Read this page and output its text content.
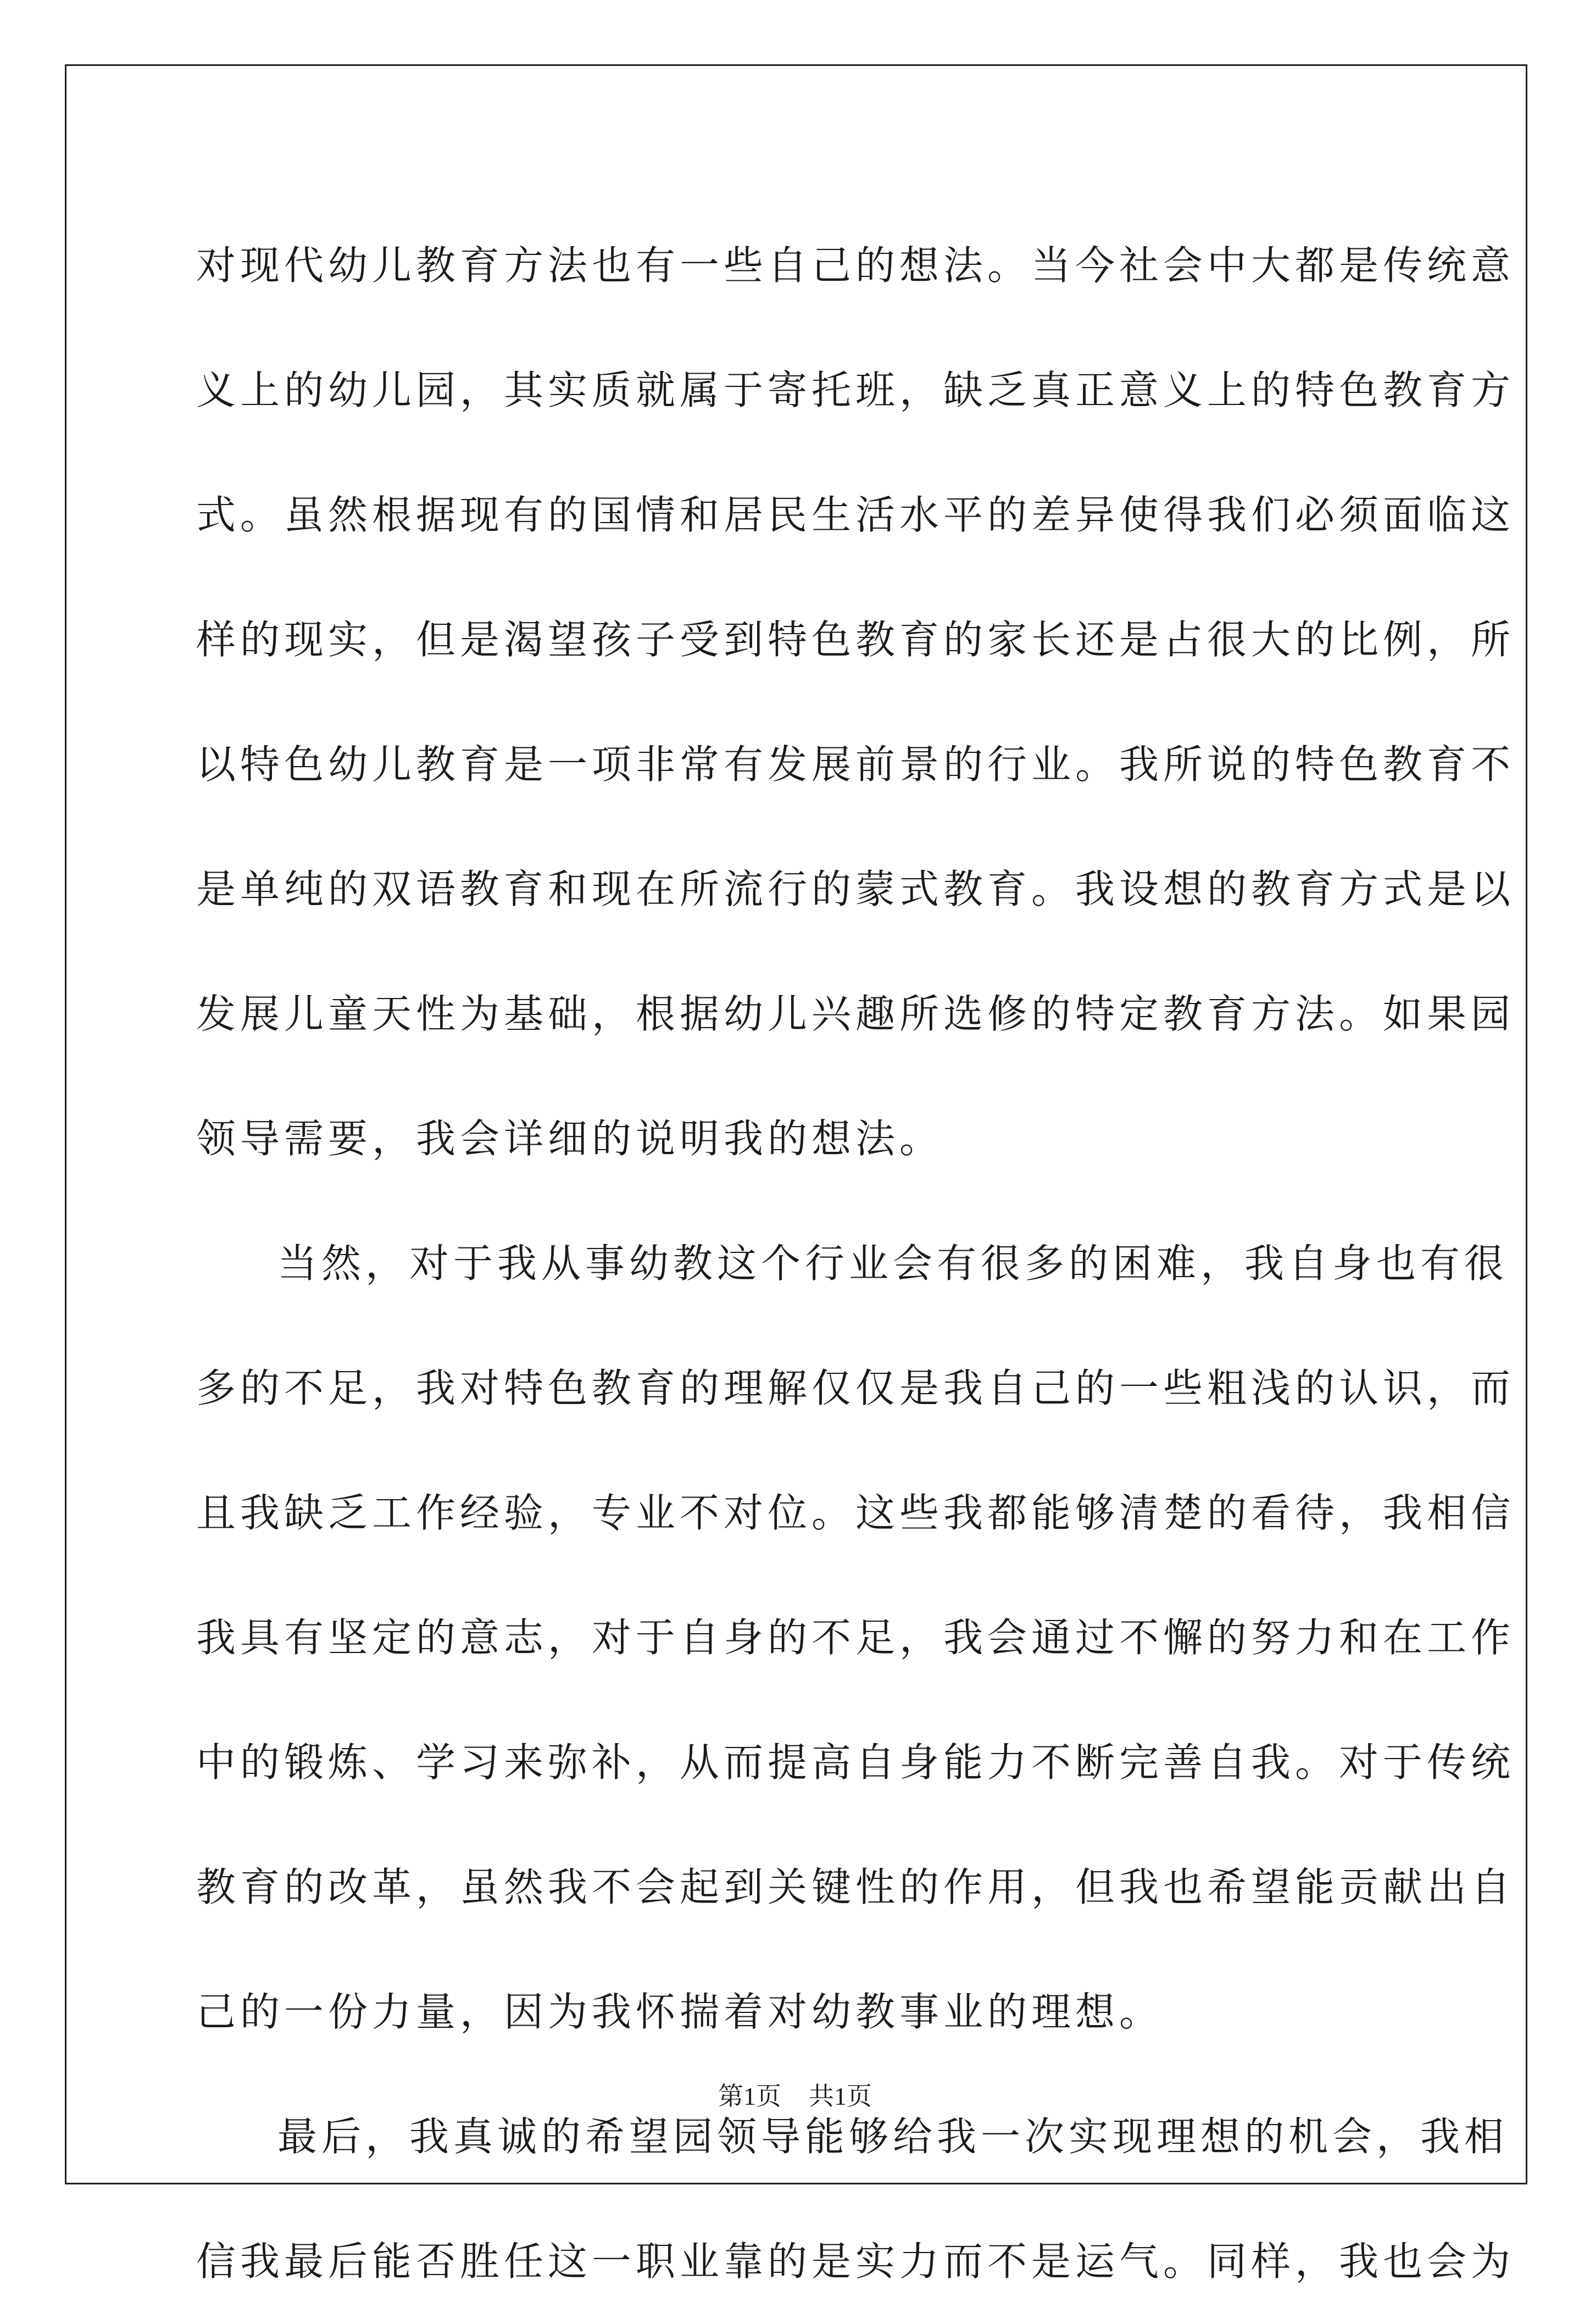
对现代幼儿教育方法也有一些自己的想法。当今社会中大都是传统意
义上的幼儿园，其实质就属于寄托班，缺乏真正意义上的特色教育方
式。虽然根据现有的国情和居民生活水平的差异使得我们必须面临这
样的现实，但是渴望孩子受到特色教育的家长还是占很大的比例，所
以特色幼儿教育是一项非常有发展前景的行业。我所说的特色教育不
是单纯的双语教育和现在所流行的蒙式教育。我设想的教育方式是以
发展儿童天性为基础，根据幼儿兴趣所选修的特定教育方法。如果园
领导需要，我会详细的说明我的想法。
当然，对于我从事幼教这个行业会有很多的困难，我自身也有很
多的不足，我对特色教育的理解仅仅是我自己的一些粗浅的认识，而
且我缺乏工作经验，专业不对位。这些我都能够清楚的看待，我相信
我具有坚定的意志，对于自身的不足，我会通过不懈的努力和在工作
中的锻炼、学习来弥补，从而提高自身能力不断完善自我。对于传统
教育的改革，虽然我不会起到关键性的作用，但我也希望能贡献出自
己的一份力量，因为我怀揣着对幼教事业的理想。
最后，我真诚的希望园领导能够给我一次实现理想的机会，我相
信我最后能否胜任这一职业靠的是实力而不是运气。同样，我也会为
第1页 共1页
